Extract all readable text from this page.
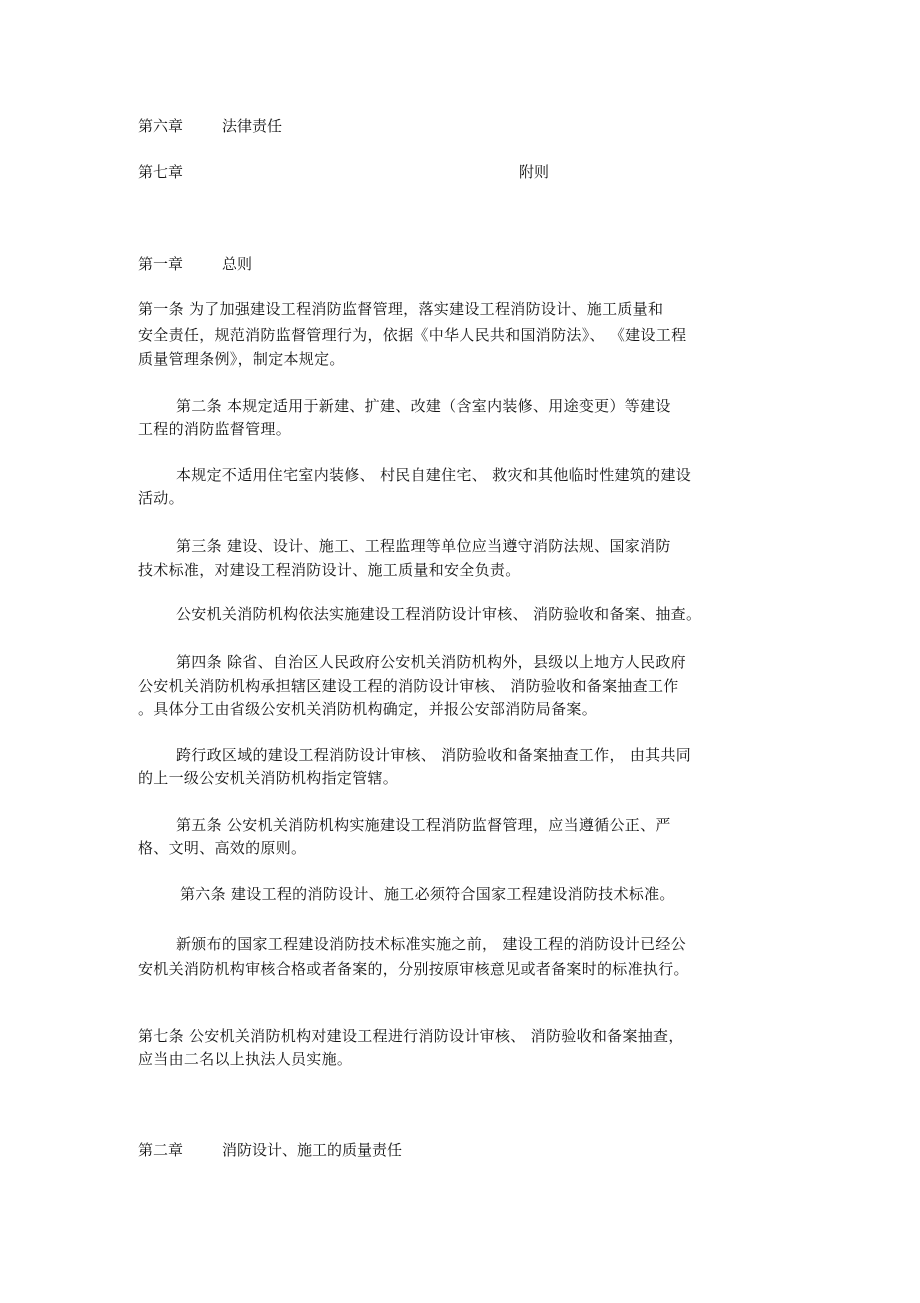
第六章	法律责任
第七章	附则
第一章	总则
第一条 为了加强建设工程消防监督管理，落实建设工程消防设计、施工质量和
安全责任，规范消防监督管理行为，依据《中华人民共和国消防法》、 《建设工程
质量管理条例》，制定本规定。
第二条 本规定适用于新建、扩建、改建（含室内装修、用途变更）等建设
工程的消防监督管理。
本规定不适用住宅室内装修、 村民自建住宅、 救灾和其他临时性建筑的建设
活动。
第三条 建设、设计、施工、工程监理等单位应当遵守消防法规、国家消防
技术标准，对建设工程消防设计、施工质量和安全负责。
公安机关消防机构依法实施建设工程消防设计审核、 消防验收和备案、抽查。
第四条 除省、自治区人民政府公安机关消防机构外，县级以上地方人民政府
公安机关消防机构承担辖区建设工程的消防设计审核、 消防验收和备案抽查工作
。具体分工由省级公安机关消防机构确定，并报公安部消防局备案。
跨行政区域的建设工程消防设计审核、 消防验收和备案抽查工作， 由其共同
的上一级公安机关消防机构指定管辖。
第五条 公安机关消防机构实施建设工程消防监督管理，应当遵循公正、严
格、文明、高效的原则。
第六条 建设工程的消防设计、施工必须符合国家工程建设消防技术标准。
新颁布的国家工程建设消防技术标准实施之前， 建设工程的消防设计已经公
安机关消防机构审核合格或者备案的，分别按原审核意见或者备案时的标准执行。
第七条 公安机关消防机构对建设工程进行消防设计审核、 消防验收和备案抽查，
应当由二名以上执法人员实施。
第二章	消防设计、施工的质量责任
